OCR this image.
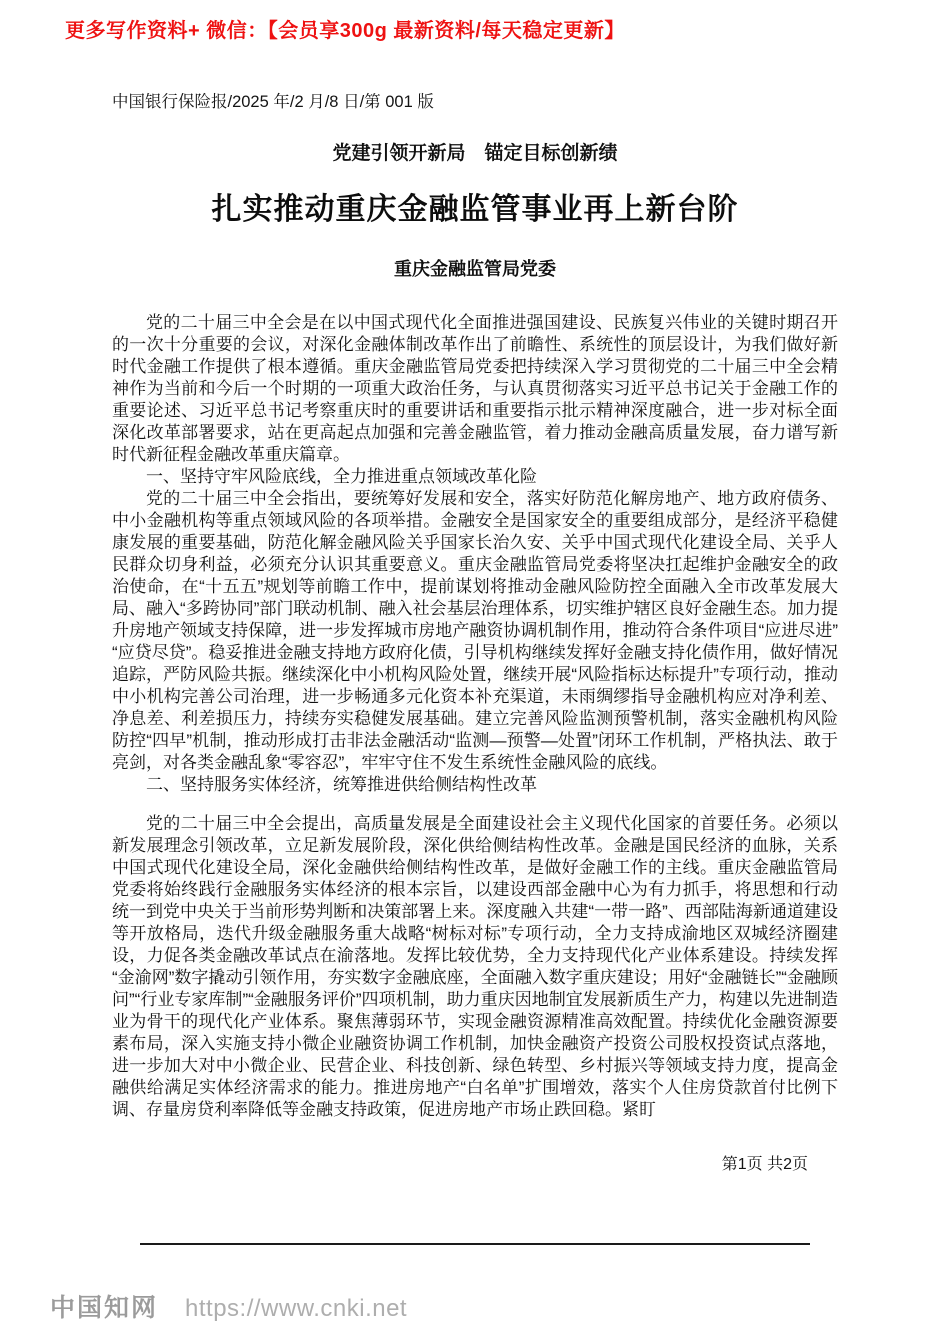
更多写作资料+ 微信：【会员享300g 最新资料/每天稳定更新】
中国银行保险报/2025 年/2 月/8 日/第 001 版
党建引领开新局　锚定目标创新绩
扎实推动重庆金融监管事业再上新台阶
重庆金融监管局党委

党的二十届三中全会是在以中国式现代化全面推进强国建设、民族复兴伟业的关键时期召开的一次十分重要的会议，对深化金融体制改革作出了前瞻性、系统性的顶层设计，为我们做好新时代金融工作提供了根本遵循。重庆金融监管局党委把持续深入学习贯彻党的二十届三中全会精神作为当前和今后一个时期的一项重大政治任务，与认真贯彻落实习近平总书记关于金融工作的重要论述、习近平总书记考察重庆时的重要讲话和重要指示批示精神深度融合，进一步对标全面深化改革部署要求，站在更高起点加强和完善金融监管，着力推动金融高质量发展，奋力谱写新时代新征程金融改革重庆篇章。

一、坚持守牢风险底线，全力推进重点领域改革化险

党的二十届三中全会指出，要统筹好发展和安全，落实好防范化解房地产、地方政府债务、中小金融机构等重点领域风险的各项举措。金融安全是国家安全的重要组成部分，是经济平稳健康发展的重要基础，防范化解金融风险关乎国家长治久安、关乎中国式现代化建设全局、关乎人民群众切身利益，必须充分认识其重要意义。重庆金融监管局党委将坚决扛起维护金融安全的政治使命，在“十五五”规划等前瞻工作中，提前谋划将推动金融风险防控全面融入全市改革发展大局、融入“多跨协同”部门联动机制、融入社会基层治理体系，切实维护辖区良好金融生态。加力提升房地产领域支持保障，进一步发挥城市房地产融资协调机制作用，推动符合条件项目“应进尽进”“应贷尽贷”。稳妥推进金融支持地方政府化债，引导机构继续发挥好金融支持化债作用，做好情况追踪，严防风险共振。继续深化中小机构风险处置，继续开展“风险指标达标提升”专项行动，推动中小机构完善公司治理，进一步畅通多元化资本补充渠道，未雨绸缪指导金融机构应对净利差、净息差、利差损压力，持续夯实稳健发展基础。建立完善风险监测预警机制，落实金融机构风险防控“四早”机制，推动形成打击非法金融活动“监测—预警—处置”闭环工作机制，严格执法、敢于亮剑，对各类金融乱象“零容忍”，牢牢守住不发生系统性金融风险的底线。

二、坚持服务实体经济，统筹推进供给侧结构性改革

党的二十届三中全会提出，高质量发展是全面建设社会主义现代化国家的首要任务。必须以新发展理念引领改革，立足新发展阶段，深化供给侧结构性改革。金融是国民经济的血脉，关系中国式现代化建设全局，深化金融供给侧结构性改革，是做好金融工作的主线。重庆金融监管局党委将始终践行金融服务实体经济的根本宗旨，以建设西部金融中心为有力抓手，将思想和行动统一到党中央关于当前形势判断和决策部署上来。深度融入共建“一带一路”、西部陆海新通道建设等开放格局，迭代升级金融服务重大战略“树标对标”专项行动，全力支持成渝地区双城经济圈建设，力促各类金融改革试点在渝落地。发挥比较优势，全力支持现代化产业体系建设。持续发挥“金渝网”数字撬动引领作用，夯实数字金融底座，全面融入数字重庆建设；用好“金融链长”“金融顾问”“行业专家库制”“金融服务评价”四项机制，助力重庆因地制宜发展新质生产力，构建以先进制造业为骨干的现代化产业体系。聚焦薄弱环节，实现金融资源精准高效配置。持续优化金融资源要素布局，深入实施支持小微企业融资协调工作机制，加快金融资产投资公司股权投资试点落地，进一步加大对中小微企业、民营企业、科技创新、绿色转型、乡村振兴等领域支持力度，提高金融供给满足实体经济需求的能力。推进房地产“白名单”扩围增效，落实个人住房贷款首付比例下调、存量房贷利率降低等金融支持政策，促进房地产市场止跌回稳。紧盯

第1页 共2页
中国知网 https://www.cnki.net
